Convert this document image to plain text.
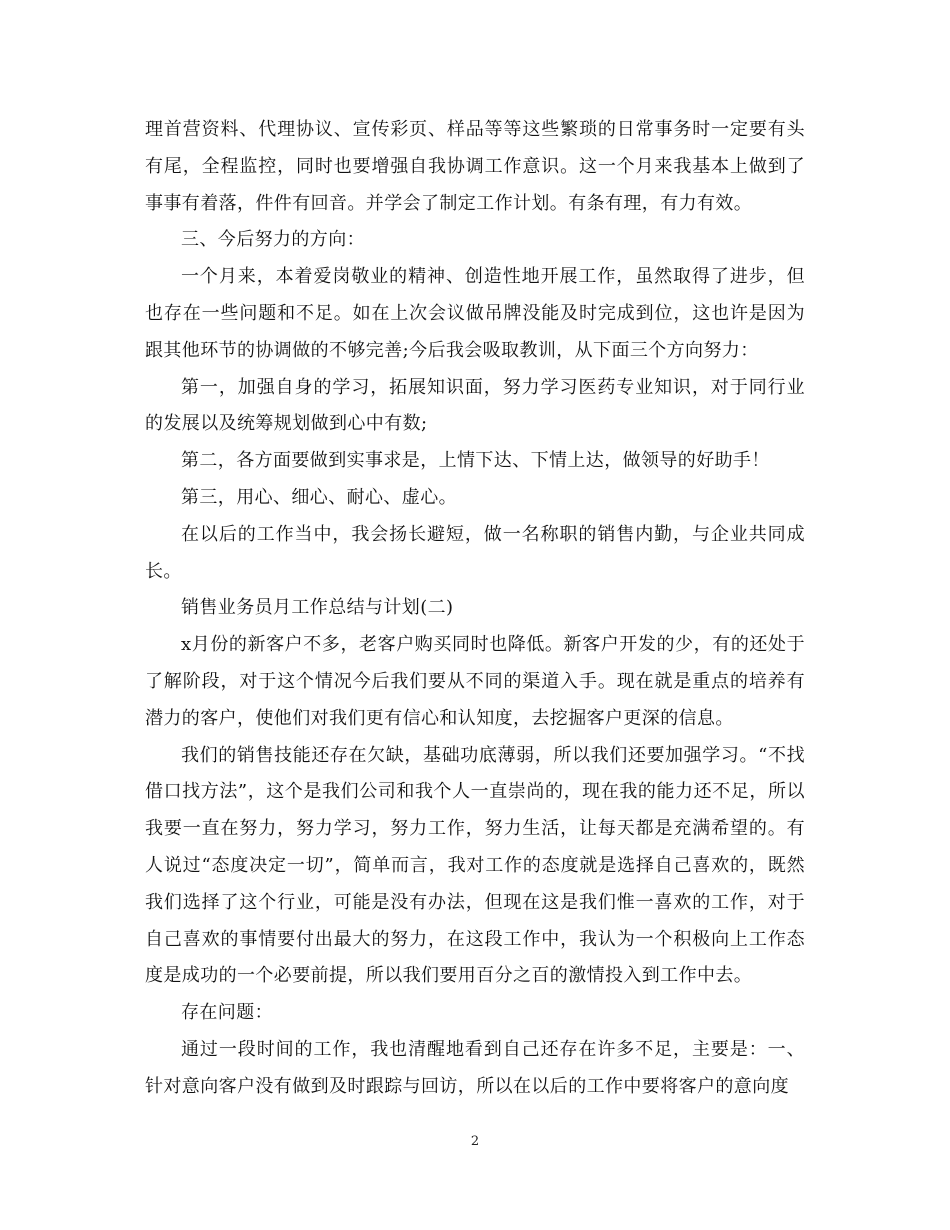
理首营资料、代理协议、宣传彩页、样品等等这些繁琐的日常事务时一定要有头有尾，全程监控，同时也要增强自我协调工作意识。这一个月来我基本上做到了事事有着落，件件有回音。并学会了制定工作计划。有条有理，有力有效。

三、今后努力的方向：

一个月来，本着爱岗敬业的精神、创造性地开展工作，虽然取得了进步，但也存在一些问题和不足。如在上次会议做吊牌没能及时完成到位，这也许是因为跟其他环节的协调做的不够完善;今后我会吸取教训，从下面三个方向努力：

第一，加强自身的学习，拓展知识面，努力学习医药专业知识，对于同行业的发展以及统筹规划做到心中有数;

第二，各方面要做到实事求是，上情下达、下情上达，做领导的好助手！

第三，用心、细心、耐心、虚心。

在以后的工作当中，我会扬长避短，做一名称职的销售内勤，与企业共同成长。

销售业务员月工作总结与计划(二)

x月份的新客户不多，老客户购买同时也降低。新客户开发的少，有的还处于了解阶段，对于这个情况今后我们要从不同的渠道入手。现在就是重点的培养有潜力的客户，使他们对我们更有信心和认知度，去挖掘客户更深的信息。

我们的销售技能还存在欠缺，基础功底薄弱，所以我们还要加强学习。“不找借口找方法”，这个是我们公司和我个人一直崇尚的，现在我的能力还不足，所以我要一直在努力，努力学习，努力工作，努力生活，让每天都是充满希望的。有人说过“态度决定一切”，简单而言，我对工作的态度就是选择自己喜欢的，既然我们选择了这个行业，可能是没有办法，但现在这是我们惟一喜欢的工作，对于自己喜欢的事情要付出最大的努力，在这段工作中，我认为一个积极向上工作态度是成功的一个必要前提，所以我们要用百分之百的激情投入到工作中去。

存在问题：

通过一段时间的工作，我也清醒地看到自己还存在许多不足，主要是：一、针对意向客户没有做到及时跟踪与回访，所以在以后的工作中要将客户的意向度

2
